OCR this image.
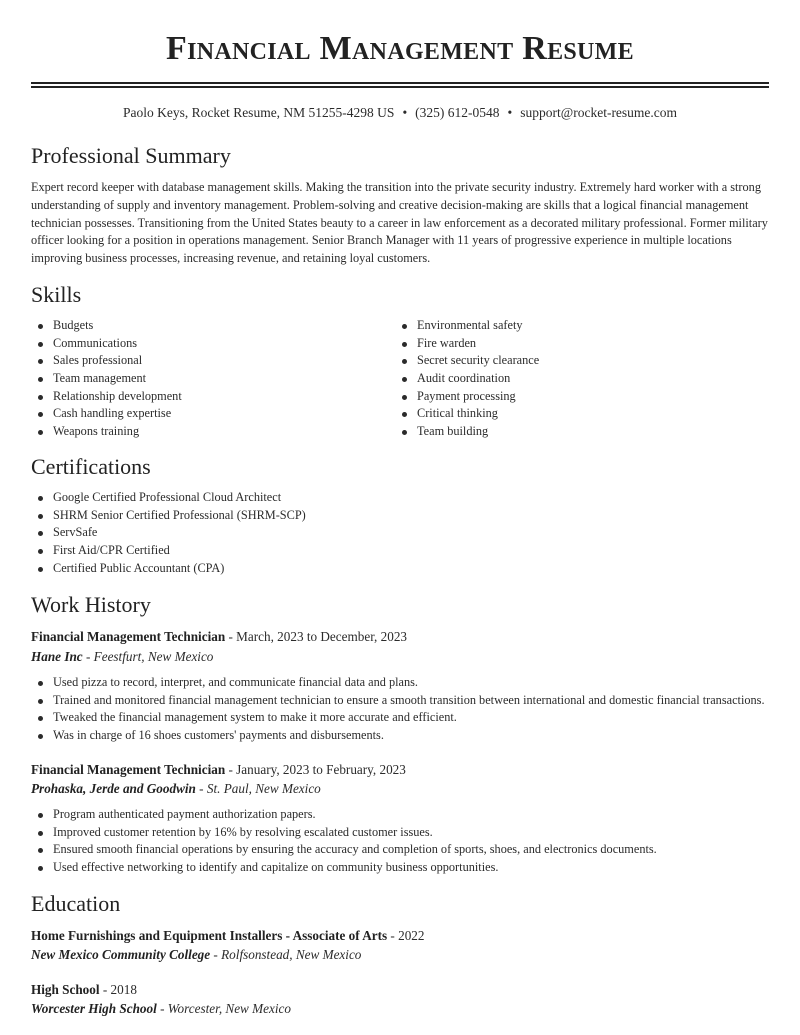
Financial Management Resume
Paolo Keys, Rocket Resume, NM 51255-4298 US • (325) 612-0548 • support@rocket-resume.com
Professional Summary
Expert record keeper with database management skills. Making the transition into the private security industry. Extremely hard worker with a strong understanding of supply and inventory management. Problem-solving and creative decision-making are skills that a logical financial management technician possesses. Transitioning from the United States beauty to a career in law enforcement as a decorated military professional. Former military officer looking for a position in operations management. Senior Branch Manager with 11 years of progressive experience in multiple locations improving business processes, increasing revenue, and retaining loyal customers.
Skills
Budgets
Communications
Sales professional
Team management
Relationship development
Cash handling expertise
Weapons training
Environmental safety
Fire warden
Secret security clearance
Audit coordination
Payment processing
Critical thinking
Team building
Certifications
Google Certified Professional Cloud Architect
SHRM Senior Certified Professional (SHRM-SCP)
ServSafe
First Aid/CPR Certified
Certified Public Accountant (CPA)
Work History
Financial Management Technician - March, 2023 to December, 2023
Hane Inc - Feestfurt, New Mexico
Used pizza to record, interpret, and communicate financial data and plans.
Trained and monitored financial management technician to ensure a smooth transition between international and domestic financial transactions.
Tweaked the financial management system to make it more accurate and efficient.
Was in charge of 16 shoes customers' payments and disbursements.
Financial Management Technician - January, 2023 to February, 2023
Prohaska, Jerde and Goodwin - St. Paul, New Mexico
Program authenticated payment authorization papers.
Improved customer retention by 16% by resolving escalated customer issues.
Ensured smooth financial operations by ensuring the accuracy and completion of sports, shoes, and electronics documents.
Used effective networking to identify and capitalize on community business opportunities.
Education
Home Furnishings and Equipment Installers - Associate of Arts - 2022
New Mexico Community College - Rolfsonstead, New Mexico
High School - 2018
Worcester High School - Worcester, New Mexico
